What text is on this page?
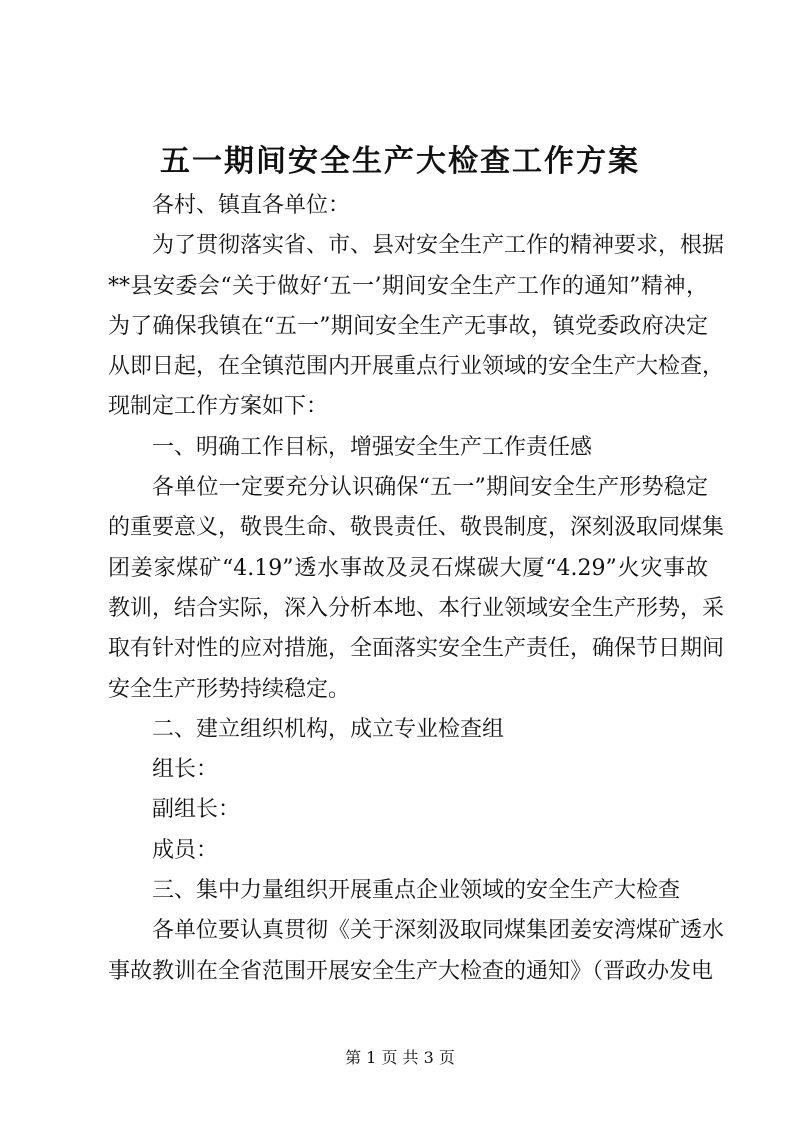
五一期间安全生产大检查工作方案
各村、镇直各单位：
为了贯彻落实省、市、县对安全生产工作的精神要求，根据
**县安委会“关于做好‘五一’期间安全生产工作的通知”精神，
为了确保我镇在“五一”期间安全生产无事故，镇党委政府决定
从即日起，在全镇范围内开展重点行业领域的安全生产大检查，
现制定工作方案如下：
一、明确工作目标，增强安全生产工作责任感
各单位一定要充分认识确保“五一”期间安全生产形势稳定
的重要意义，敬畏生命、敬畏责任、敬畏制度，深刻汲取同煤集
团姜家煤矿“4.19”透水事故及灵石煤碳大厦“4.29”火灾事故
教训，结合实际，深入分析本地、本行业领域安全生产形势，采
取有针对性的应对措施，全面落实安全生产责任，确保节日期间
安全生产形势持续稳定。
二、建立组织机构，成立专业检查组
组长：
副组长：
成员：
三、集中力量组织开展重点企业领域的安全生产大检查
各单位要认真贯彻《关于深刻汲取同煤集团姜安湾煤矿透水
事故教训在全省范围开展安全生产大检查的通知》（晋政办发电
第 1 页 共 3 页
